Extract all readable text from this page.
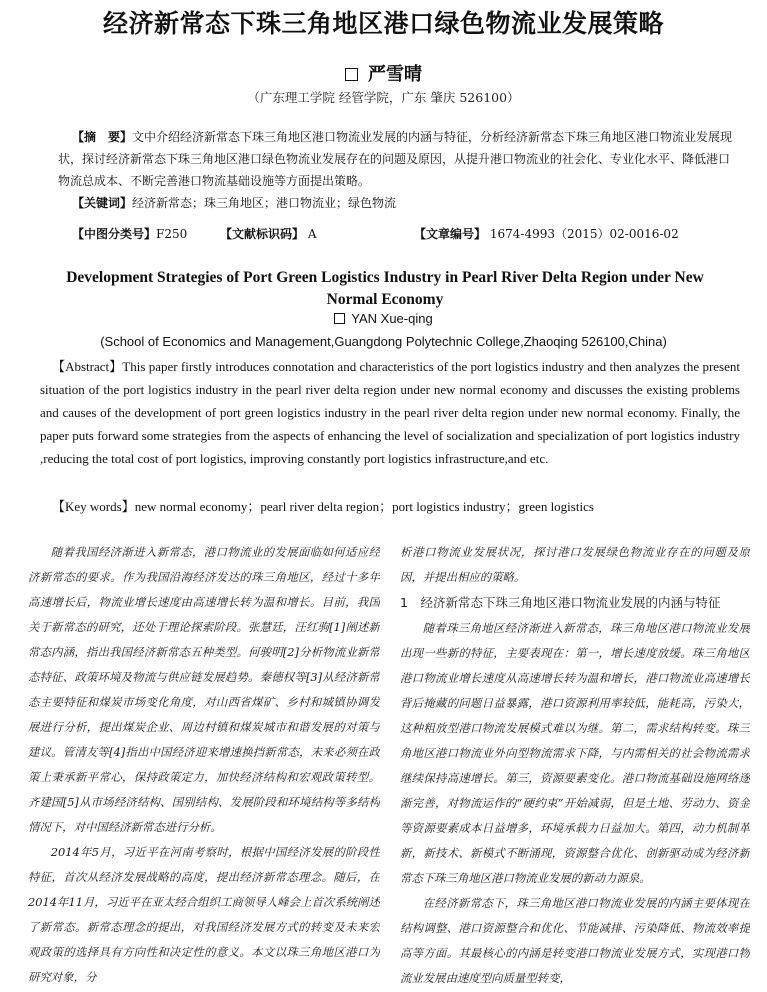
经济新常态下珠三角地区港口绿色物流业发展策略
严雪晴
（广东理工学院 经管学院，广东 肇庆 526100）

【摘　要】文中介绍经济新常态下珠三角地区港口物流业发展的内涵与特征，分析经济新常态下珠三角地区港口物流业发展现状，探讨经济新常态下珠三角地区港口绿色物流业发展存在的问题及原因，从提升港口物流业的社会化、专业化水平、降低港口物流总成本、不断完善港口物流基础设施等方面提出策略。

【关键词】经济新常态；珠三角地区；港口物流业；绿色物流

【中图分类号】F250	【文献标识码】 A	【文章编号】 1674-4993（2015）02-0016-02
Development Strategies of Port Green Logistics Industry in Pearl River Delta Region under New Normal Economy
YAN Xue-qing
(School of Economics and Management,Guangdong Polytechnic College,Zhaoqing 526100,China)

【Abstract】This paper firstly introduces connotation and characteristics of the port logistics industry and then analyzes the present situation of the port logistics industry in the pearl river delta region under new normal economy and discusses the existing problems and causes of the development of port green logistics industry in the pearl river delta region under new normal economy. Finally, the paper puts forward some strategies from the aspects of enhancing the level of socialization and specialization of port logistics industry ,reducing the total cost of port logistics, improving constantly port logistics infrastructure,and etc.

【Key words】new normal economy；pearl river delta region；port logistics industry；green logistics

随着我国经济渐进入新常态，港口物流业的发展面临如何适应经济新常态的要求。作为我国沿海经济发达的珠三角地区，经过十多年高速增长后，物流业增长速度由高速增长转为温和增长。目前，我国关于新常态的研究，还处于理论探索阶段。张慧廷，汪红驹[1]阐述新常态内涵，指出我国经济新常态五种类型。何骏明[2]分析物流业新常态特征、政策环境及物流与供应链发展趋势。秦德权等[3]从经济新常态主要特征和煤炭市场变化角度，对山西省煤矿、乡村和城镇协调发展进行分析，提出煤炭企业、周边村镇和煤炭城市和谐发展的对策与建议。管清友等[4]指出中国经济迎来增速换挡新常态，未来必须在政策上秉承新平常心，保持政策定力，加快经济结构和宏观政策转型。齐建国[5]从市场经济结构、国别结构、发展阶段和环境结构等多结构情况下，对中国经济新常态进行分析。

2014年5月，习近平在河南考察时，根据中国经济发展的阶段性特征，首次从经济发展战略的高度，提出经济新常态理念。随后，在2014年11月，习近平在亚太经合组织工商领导人峰会上首次系统阐述了新常态。新常态理念的提出，对我国经济发展方式的转变及未来宏观政策的选择具有方向性和决定性的意义。本文以珠三角地区港口为研究对象，分

析港口物流业发展状况，探讨港口发展绿色物流业存在的问题及原因，并提出相应的策略。

1　经济新常态下珠三角地区港口物流业发展的内涵与特征

随着珠三角地区经济渐进入新常态，珠三角地区港口物流业发展出现一些新的特征，主要表现在：第一，增长速度放缓。珠三角地区港口物流业增长速度从高速增长转为温和增长，港口物流业高速增长背后掩藏的问题日益暴露，港口资源利用率较低，能耗高，污染大，这种粗放型港口物流发展模式难以为继。第二，需求结构转变。珠三角地区港口物流业外向型物流需求下降，与内需相关的社会物流需求继续保持高速增长。第三，资源要素变化。港口物流基础设施网络逐渐完善，对物流运作的“硬约束”开始减弱，但是土地、劳动力、资金等资源要素成本日益增多，环境承载力日益加大。第四，动力机制革新，新技术、新模式不断涌现，资源整合优化、创新驱动成为经济新常态下珠三角地区港口物流业发展的新动力源泉。

在经济新常态下，珠三角地区港口物流业发展的内涵主要体现在结构调整、港口资源整合和优化、节能减排、污染降低、物流效率提高等方面。其最核心的内涵是转变港口物流业发展方式，实现港口物流业发展由速度型向质量型转变，
